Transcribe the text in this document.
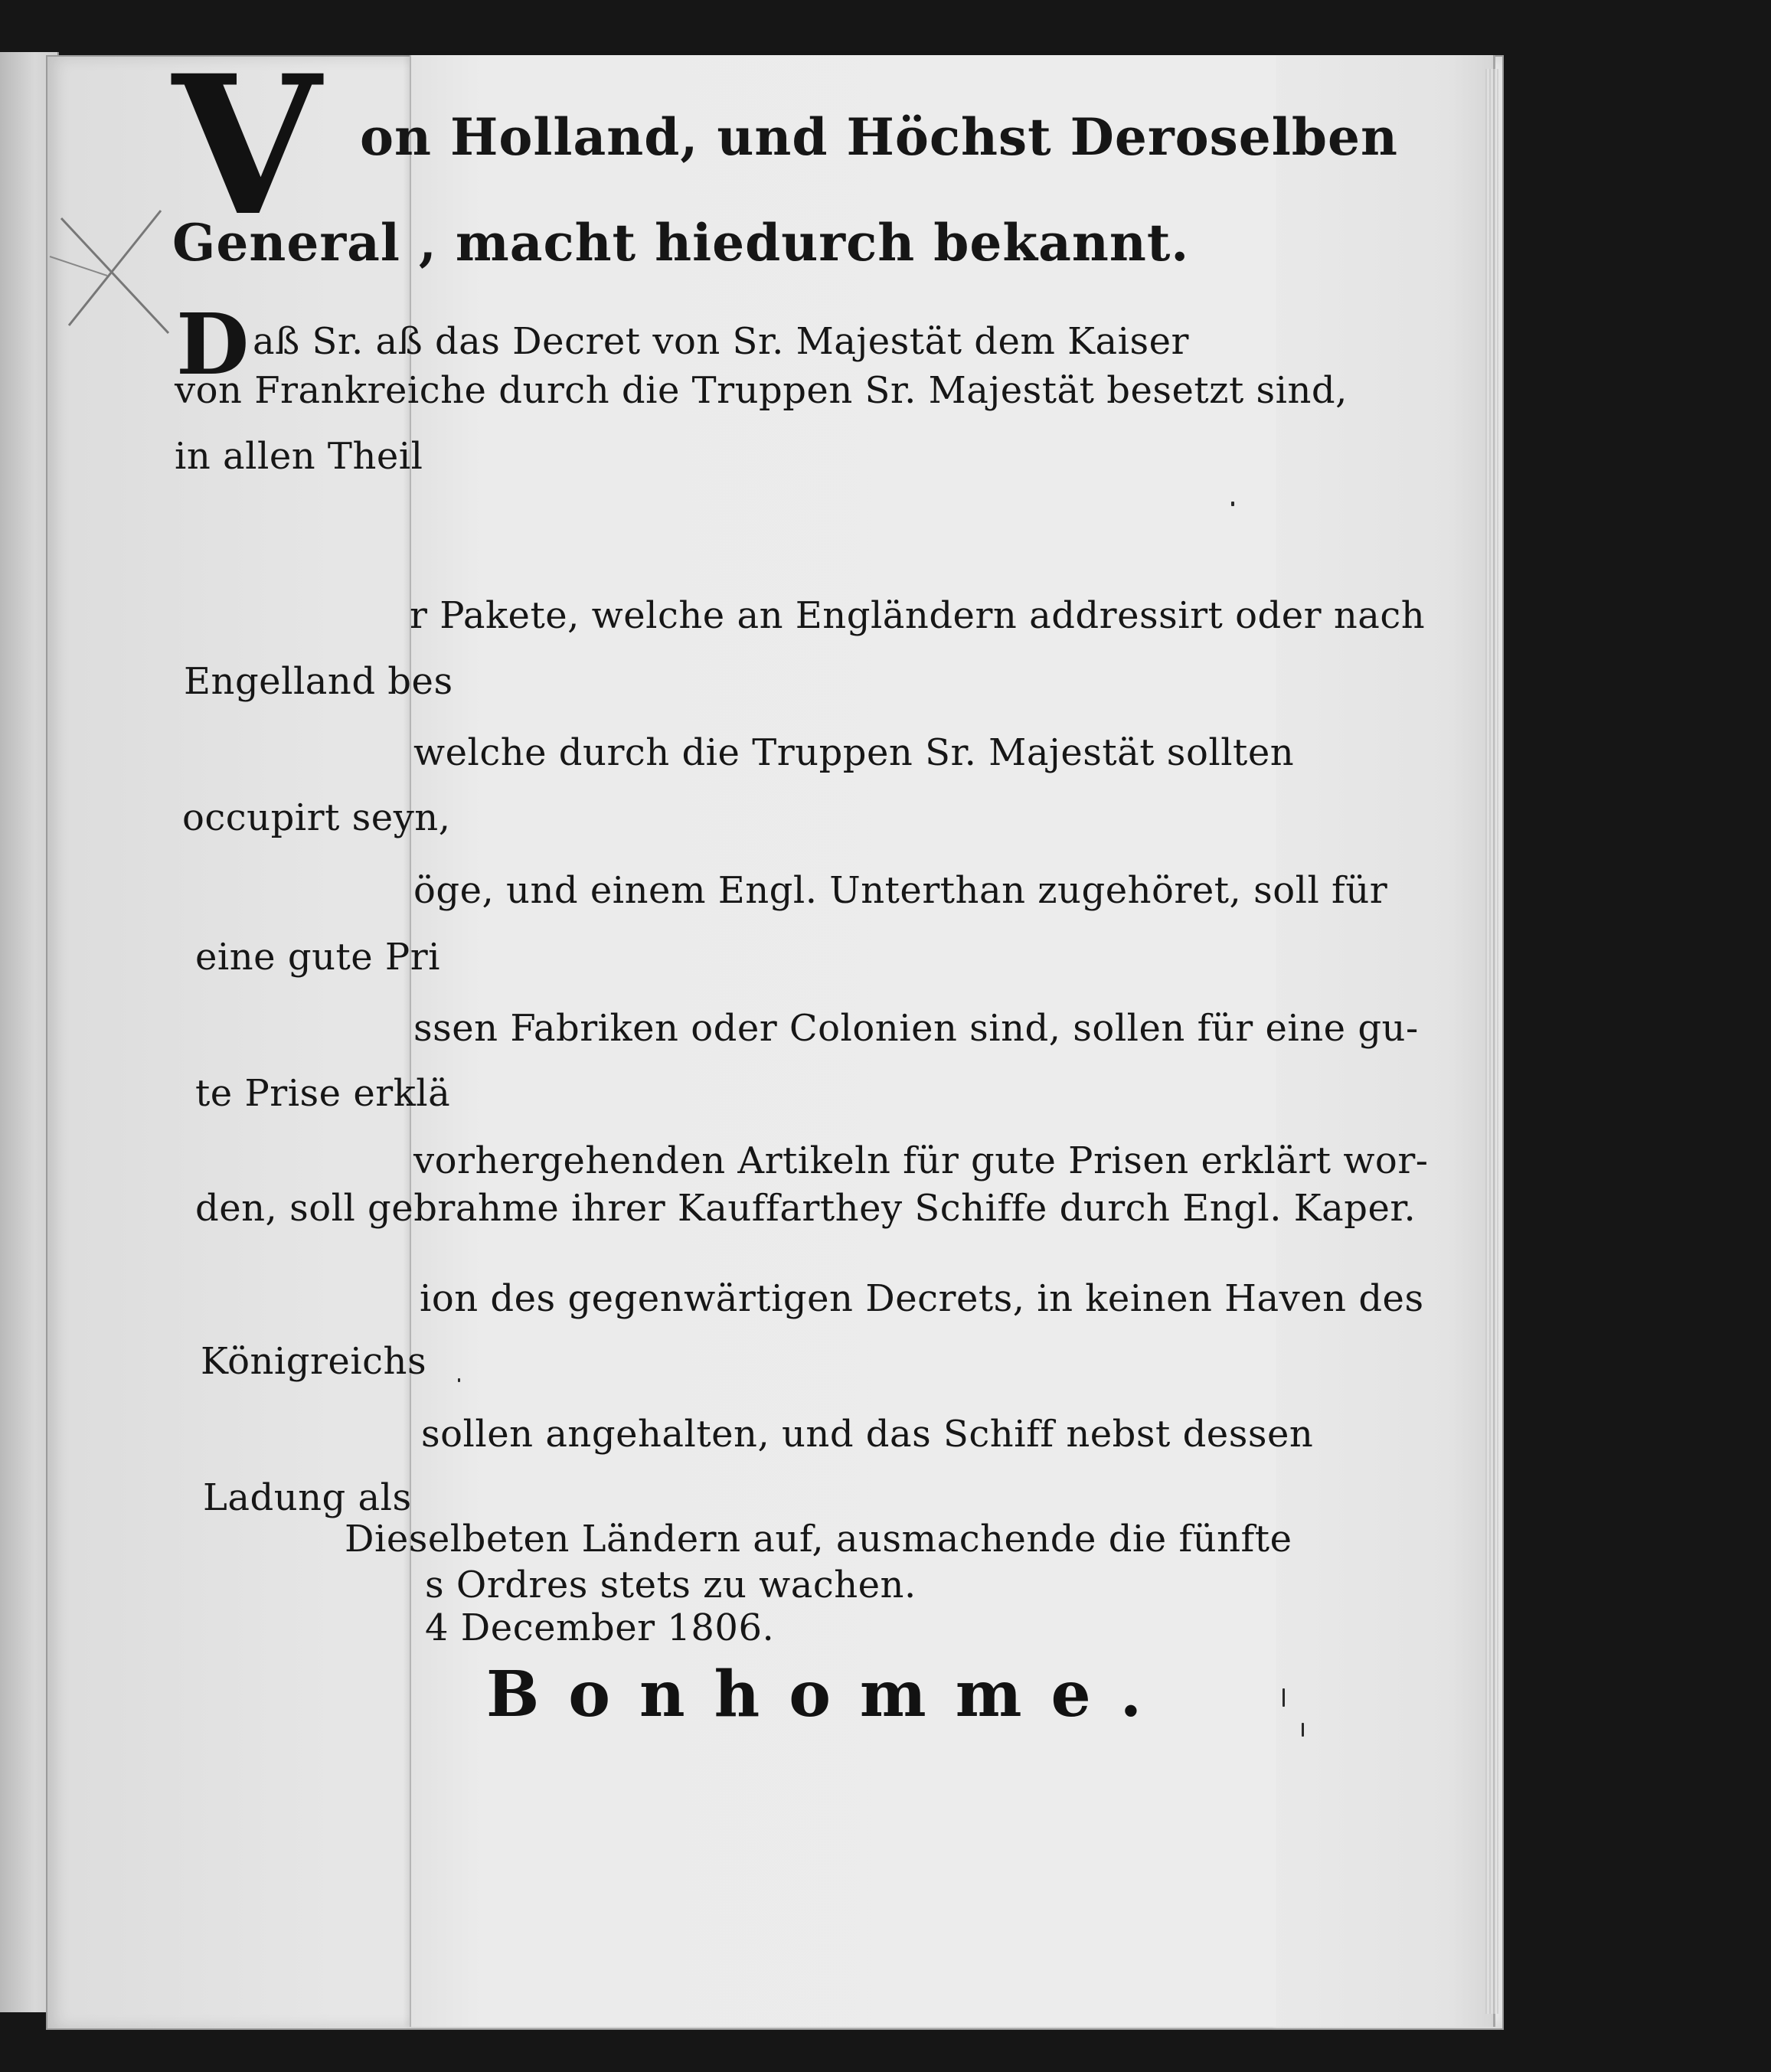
V on Holland, und Höchst Deroselben

General , macht hiedurch bekannt.

D aß Sr. aß das Decret von Sr. Majestät dem Kaiser

von Frankreiche durch die Truppen Sr. Majestät besetzt sind,

in allen Theil

r Pakete, welche an Engländern addressirt oder nach

Engelland bes

welche durch die Truppen Sr. Majestät sollten

occupirt seyn,

öge, und einem Engl. Unterthan zugehöret, soll für

eine gute Pri

ssen Fabriken oder Colonien sind, sollen für eine gu-

te Prise erklä

vorhergehenden Artikeln für gute Prisen erklärt wor-

den, soll gebrahme ihrer Kauffarthey Schiffe durch Engl. Kaper.

ion des gegenwärtigen Decrets, in keinen Haven des

Königreichs

sollen angehalten, und das Schiff nebst dessen

Ladung als

Dieselbeten Ländern auf, ausmachende die fünfte

s Ordres stets zu wachen.

4 December 1806.

Bonhomme.
